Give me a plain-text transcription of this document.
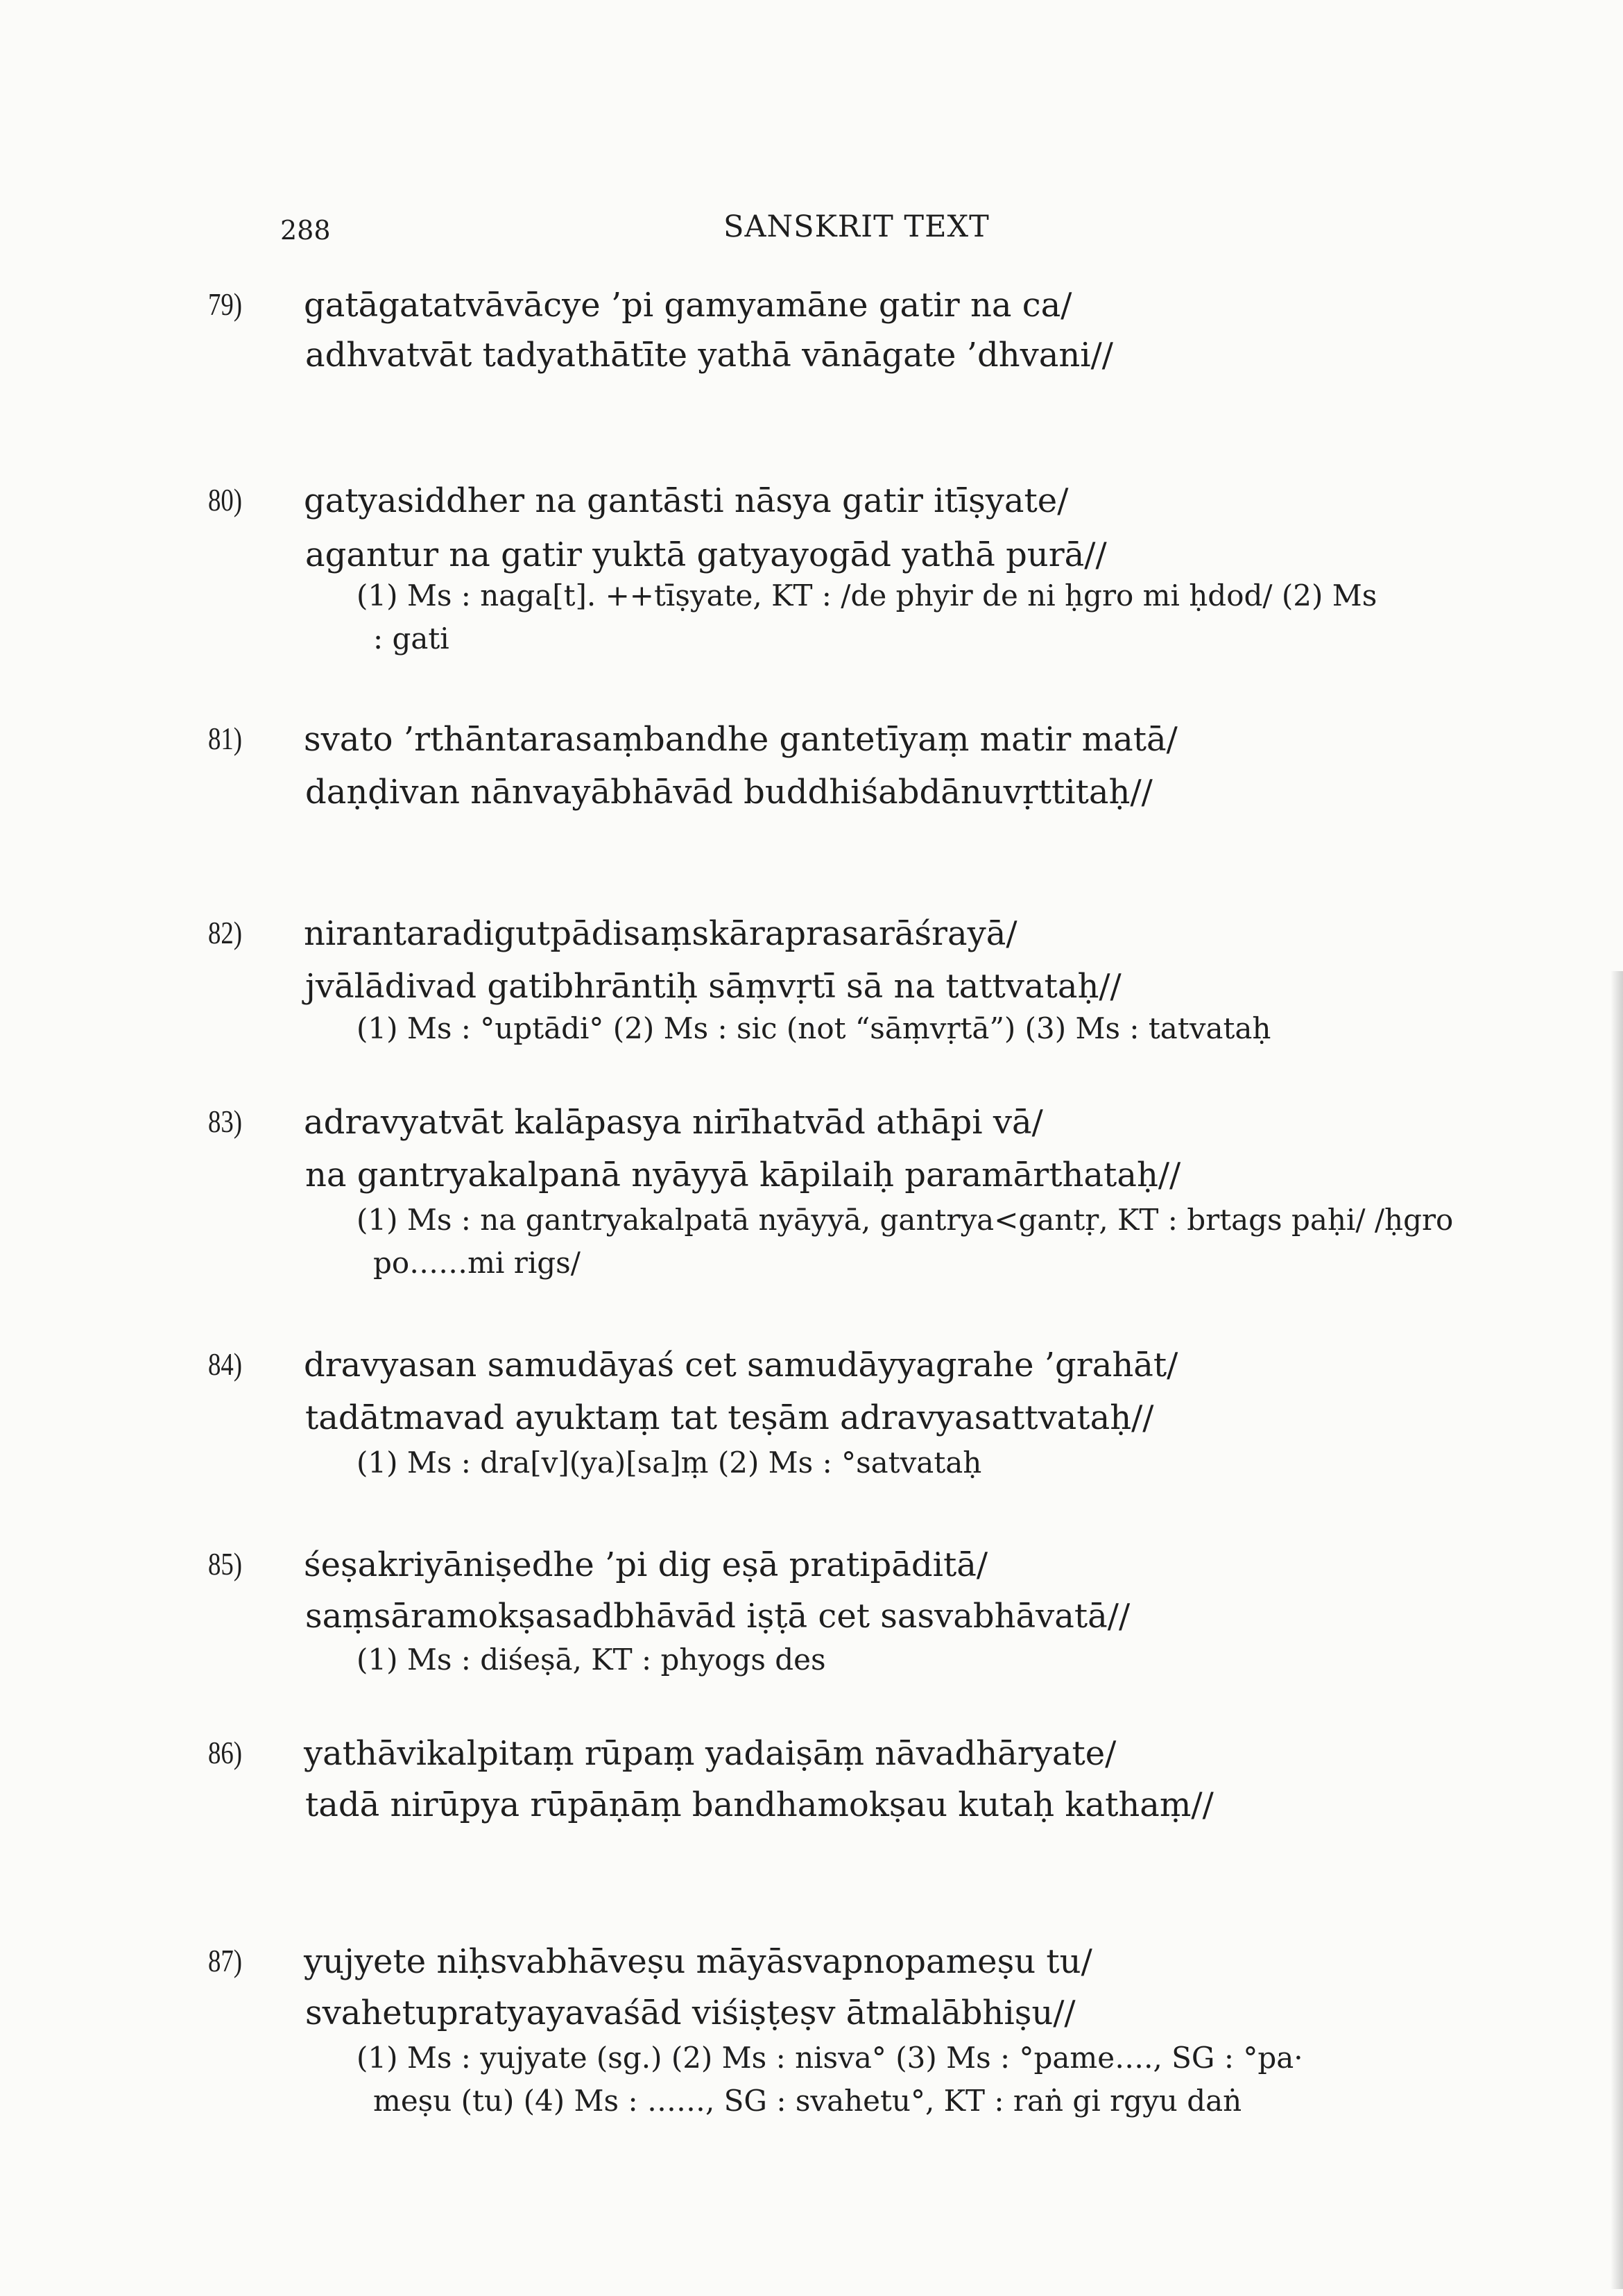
288	SANSKRIT TEXT
79) gatāgatatvāvācye ’pi gamyamāne gatir na ca/
adhvatvāt tadyathātīte yathā vānāgate ’dhvani//
80) gatyasiddher na gantāsti nāsya gatir itīṣyate/
agantur na gatir yuktā gatyayogād yathā purā//
(1) Ms : naga[t]. ++tīṣyate, KT : /de phyir de ni ḥgro mi ḥdod/ (2) Ms
: gati
81) svato ’rthāntarasaṃbandhe gantetīyaṃ matir matā/
daṇḍivan nānvayābhāvād buddhiśabdānuvṛttitaḥ//
82) nirantaradigutpādisaṃskāraprasarāśrayā/
jvālādivad gatibhrāntiḥ sāṃvṛtī sā na tattvataḥ//
(1) Ms : °uptādi° (2) Ms : sic (not “sāṃvṛtā”) (3) Ms : tatvataḥ
83) adravyatvāt kalāpasya nirīhatvād athāpi vā/
na gantryakalpanā nyāyyā kāpilaiḥ paramārthataḥ//
(1) Ms : na gantryakalpatā nyāyyā, gantrya<gantṛ, KT : brtags paḥi/ /ḥgro
po……mi rigs/
84) dravyasan samudāyaś cet samudāyyagrahe ’grahāt/
tadātmavad ayuktaṃ tat teṣām adravyasattvataḥ//
(1) Ms : dra[v](ya)[sa]ṃ (2) Ms : °satvataḥ
85) śeṣakriyāniṣedhe ’pi dig eṣā pratipāditā/
saṃsāramokṣasadbhāvād iṣṭā cet sasvabhāvatā//
(1) Ms : diśeṣā, KT : phyogs des
86) yathāvikalpitaṃ rūpaṃ yadaiṣāṃ nāvadhāryate/
tadā nirūpya rūpāṇāṃ bandhamokṣau kutaḥ kathaṃ//
87) yujyete niḥsvabhāveṣu māyāsvapnopameṣu tu/
svahetupratyayavaśād viśiṣṭeṣv ātmalābhiṣu//
(1) Ms : yujyate (sg.) (2) Ms : nisva° (3) Ms : °pame…., SG : °pa·
meṣu (tu) (4) Ms : ……, SG : svahetu°, KT : raṅ gi rgyu daṅ
